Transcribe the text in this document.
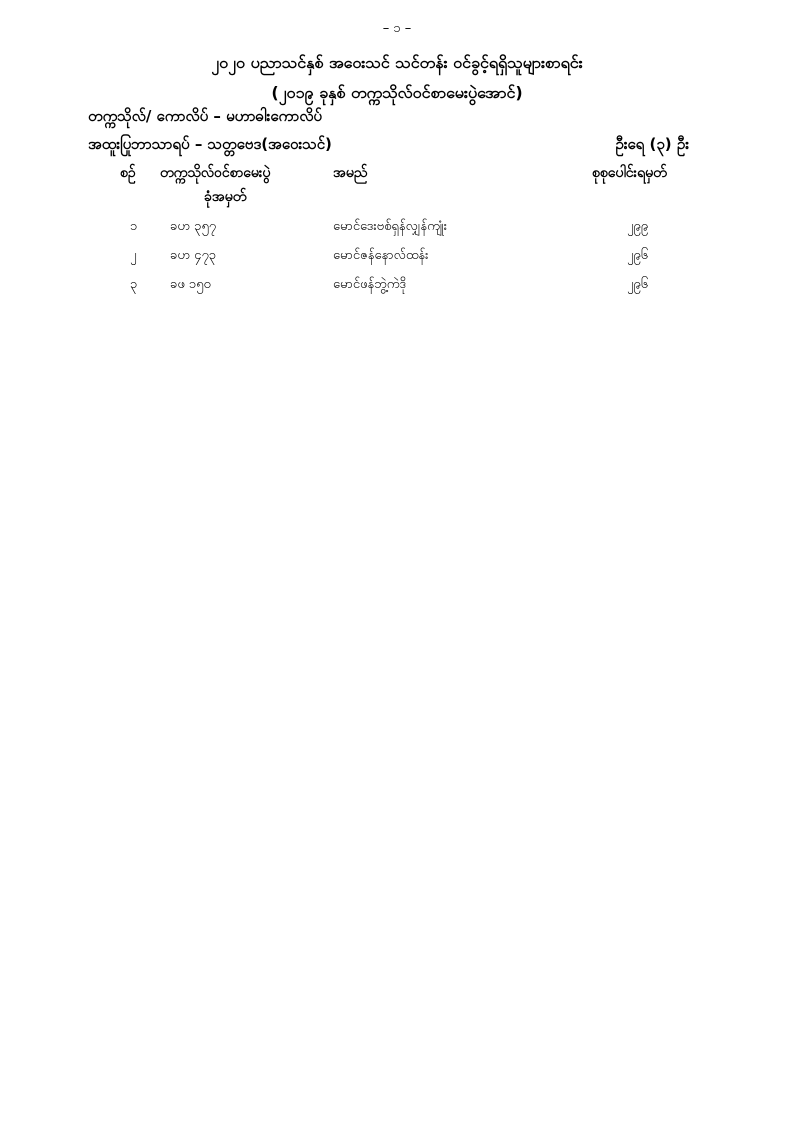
– ၁ –
၂၀၂၀ ပညာသင်နှစ် အဝေးသင် သင်တန်း ဝင်ခွင့်ရရှိသူများစာရင်း
(၂၀၁၉ ခုနှစ် တက္ကသိုလ်ဝင်စာမေးပွဲအောင်)
တက္ကသိုလ်/ ကောလိပ် – မဟာဓါးကောလိပ်
အထူးပြုဘာသာရပ် – သတ္တဗေဒ(အဝေးသင်)	ဦးရေ (၃) ဦး
စဉ် တက္ကသိုလ်ဝင်စာမေးပွဲ
ခုံအမှတ်
အမည်	စုစုပေါင်းရမှတ်
၁	ခဟ ၃၅၇	မောင်ဒေးဗစ်ရှန်လျှန်ကျုံး	၂၉၉
၂	ခဟ ၄၇၃	မောင်ဇန်နောလ်ထန်း	၂၉၆
၃	ခဖ ၁၅၀	မောင်ဖန်ဘွဲ့ကဲဒို	၂၉၆
